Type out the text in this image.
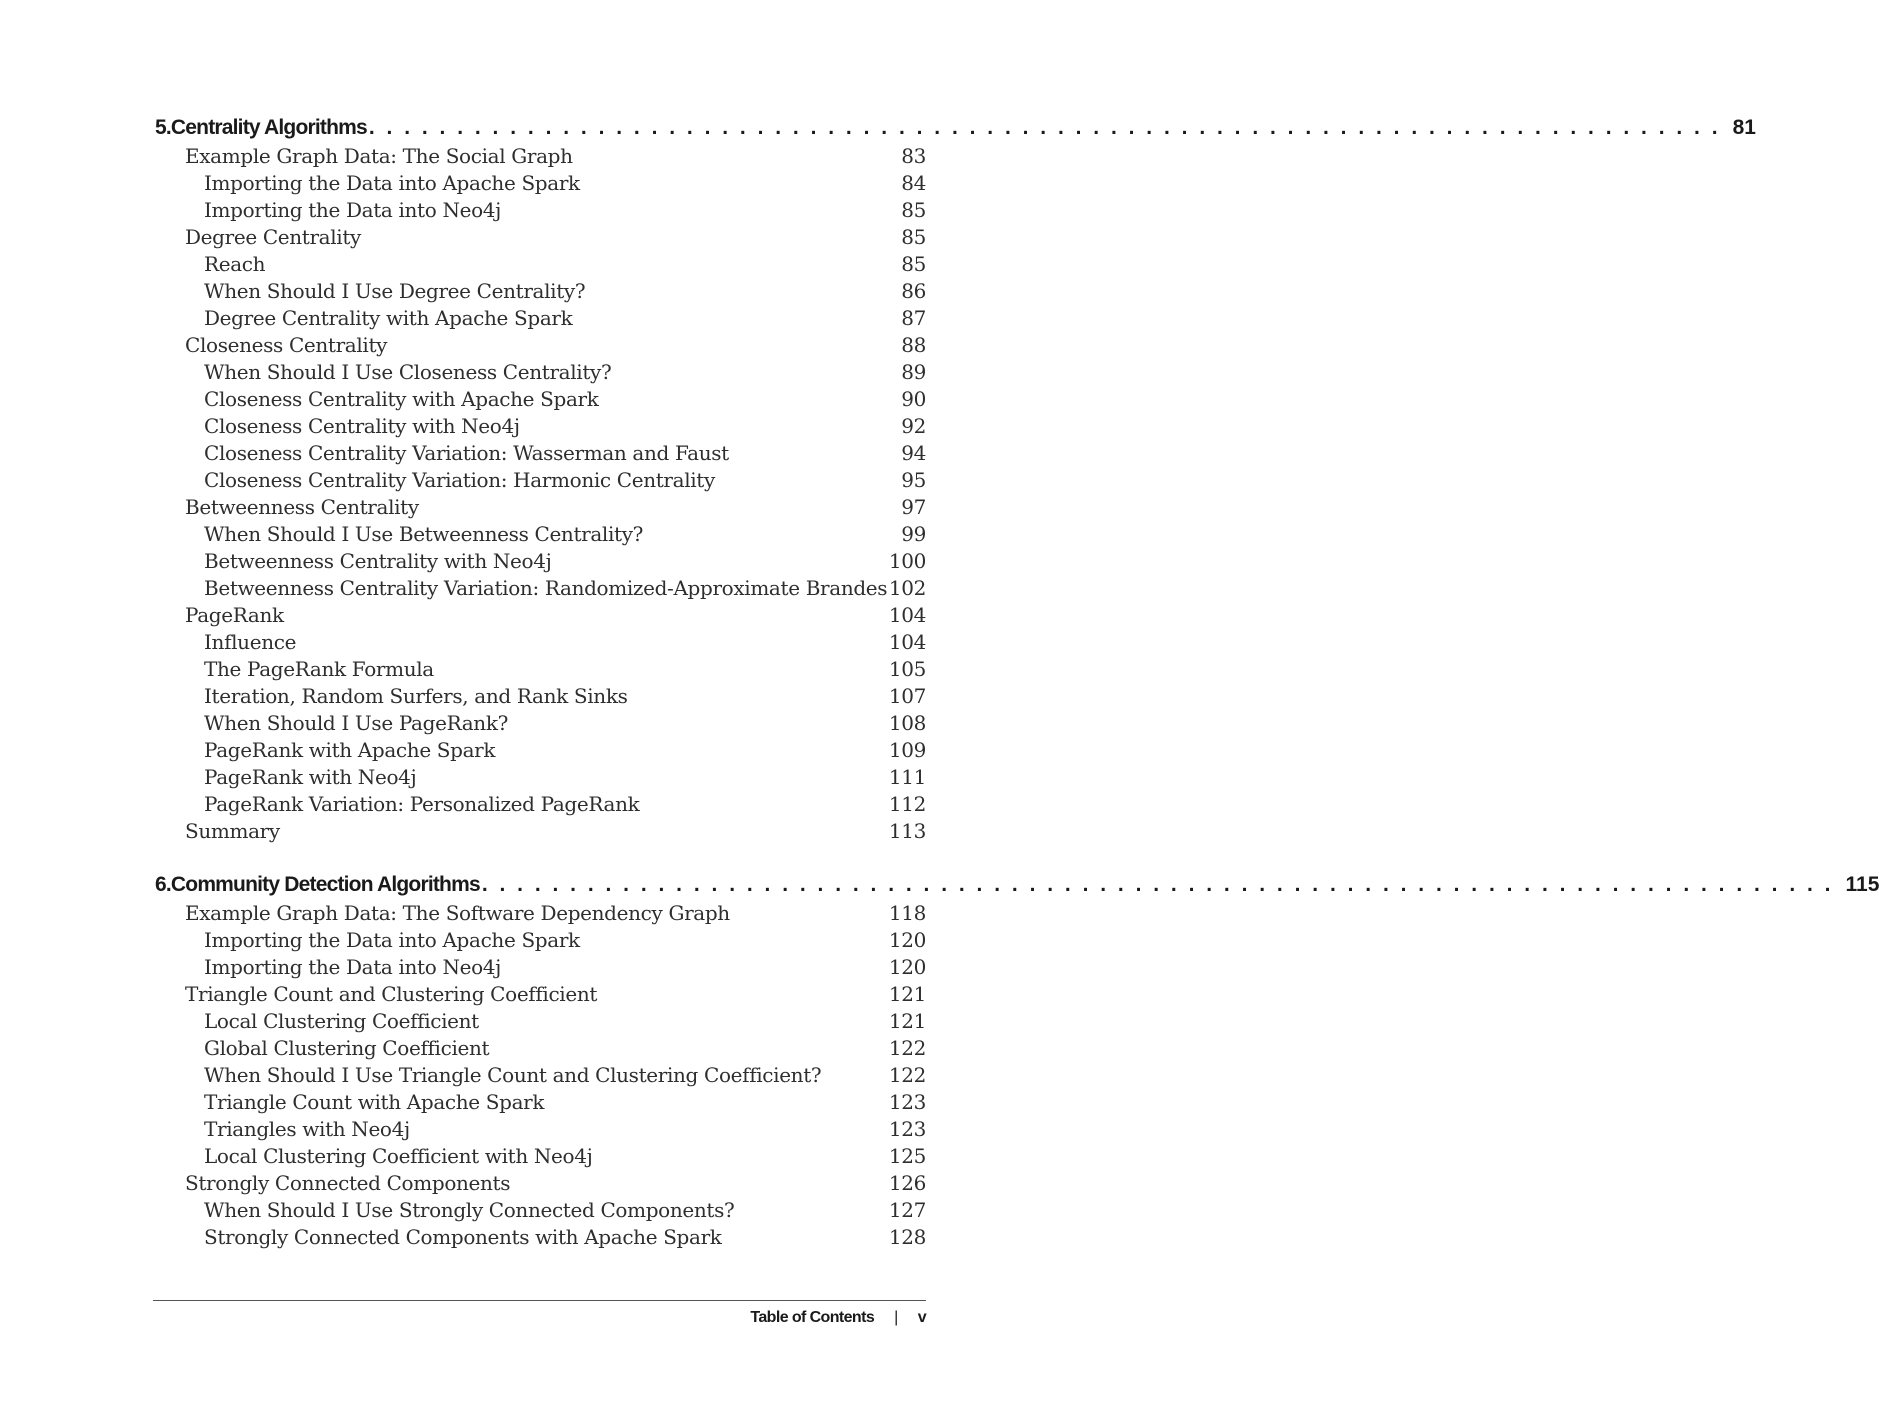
5. Centrality Algorithms . . . . . . . . . . . . . . . . . . . . . . . . . . . . . . . . . . . . . . . . . . . . . . . . . . . . . . . . . . . . . . . . . . . . . . . . . . . . . 81
Example Graph Data: The Social Graph	83
Importing the Data into Apache Spark	84
Importing the Data into Neo4j	85
Degree Centrality	85
Reach	85
When Should I Use Degree Centrality?	86
Degree Centrality with Apache Spark	87
Closeness Centrality	88
When Should I Use Closeness Centrality?	89
Closeness Centrality with Apache Spark	90
Closeness Centrality with Neo4j	92
Closeness Centrality Variation: Wasserman and Faust	94
Closeness Centrality Variation: Harmonic Centrality	95
Betweenness Centrality	97
When Should I Use Betweenness Centrality?	99
Betweenness Centrality with Neo4j	100
Betweenness Centrality Variation: Randomized-Approximate Brandes 102
PageRank	104
Influence	104
The PageRank Formula	105
Iteration, Random Surfers, and Rank Sinks	107
When Should I Use PageRank?	108
PageRank with Apache Spark	109
PageRank with Neo4j	111
PageRank Variation: Personalized PageRank	112
Summary	113
6. Community Detection Algorithms . . . . . . . . . . . . . . . . . . . . . . . . . . . . . . . . . . . . . . . . . . . . . . . . . . . . . . . . . . . . . . . . . . . . . . . . . . . . . 115
Example Graph Data: The Software Dependency Graph	118
Importing the Data into Apache Spark	120
Importing the Data into Neo4j	120
Triangle Count and Clustering Coefficient	121
Local Clustering Coefficient	121
Global Clustering Coefficient	122
When Should I Use Triangle Count and Clustering Coefficient?	122
Triangle Count with Apache Spark	123
Triangles with Neo4j	123
Local Clustering Coefficient with Neo4j	125
Strongly Connected Components	126
When Should I Use Strongly Connected Components?	127
Strongly Connected Components with Apache Spark	128
Table of Contents | v
